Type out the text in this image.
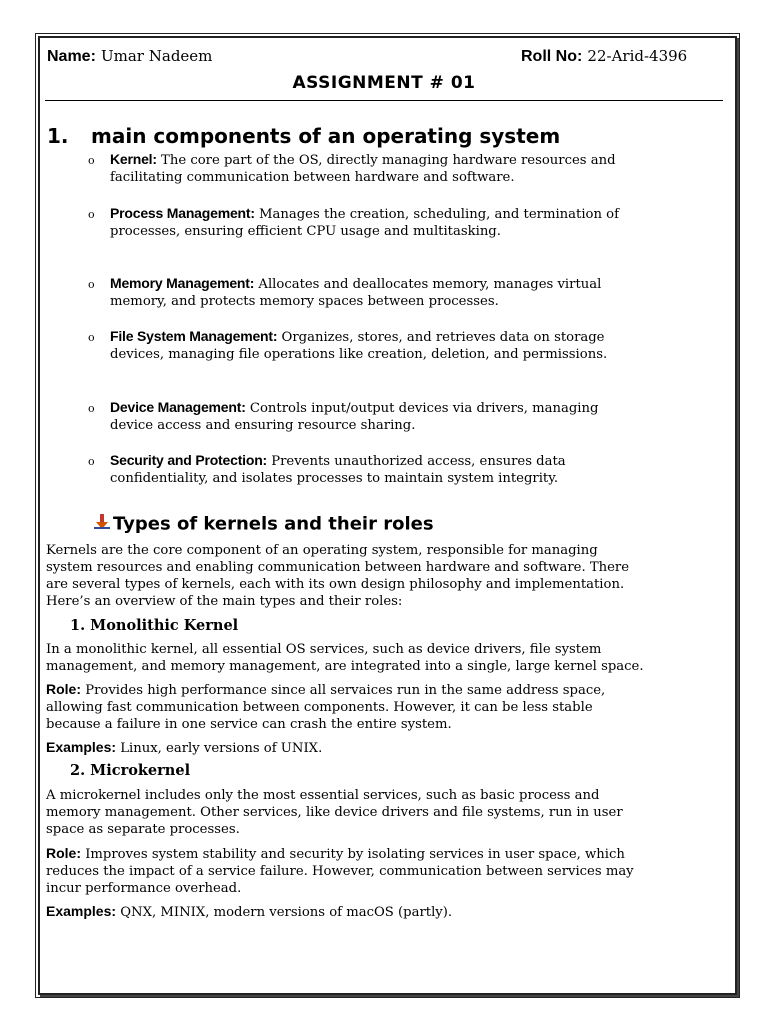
Name: Umar Nadeem	Roll No: 22-Arid-4396
ASSIGNMENT # 01
1. main components of an operating system
o Kernel: The core part of the OS, directly managing hardware resources and
facilitating communication between hardware and software.
o Process Management: Manages the creation, scheduling, and termination of
processes, ensuring efficient CPU usage and multitasking.
o Memory Management: Allocates and deallocates memory, manages virtual
memory, and protects memory spaces between processes.
o File System Management: Organizes, stores, and retrieves data on storage
devices, managing file operations like creation, deletion, and permissions.
o Device Management: Controls input/output devices via drivers, managing
device access and ensuring resource sharing.
o Security and Protection: Prevents unauthorized access, ensures data
confidentiality, and isolates processes to maintain system integrity.
Types of kernels and their roles
Kernels are the core component of an operating system, responsible for managing
system resources and enabling communication between hardware and software. There
are several types of kernels, each with its own design philosophy and implementation.
Here’s an overview of the main types and their roles:
1. Monolithic Kernel
In a monolithic kernel, all essential OS services, such as device drivers, file system
management, and memory management, are integrated into a single, large kernel space.
Role: Provides high performance since all servaices run in the same address space,
allowing fast communication between components. However, it can be less stable
because a failure in one service can crash the entire system.
Examples: Linux, early versions of UNIX.
2. Microkernel
A microkernel includes only the most essential services, such as basic process and
memory management. Other services, like device drivers and file systems, run in user
space as separate processes.
Role: Improves system stability and security by isolating services in user space, which
reduces the impact of a service failure. However, communication between services may
incur performance overhead.
Examples: QNX, MINIX, modern versions of macOS (partly).
